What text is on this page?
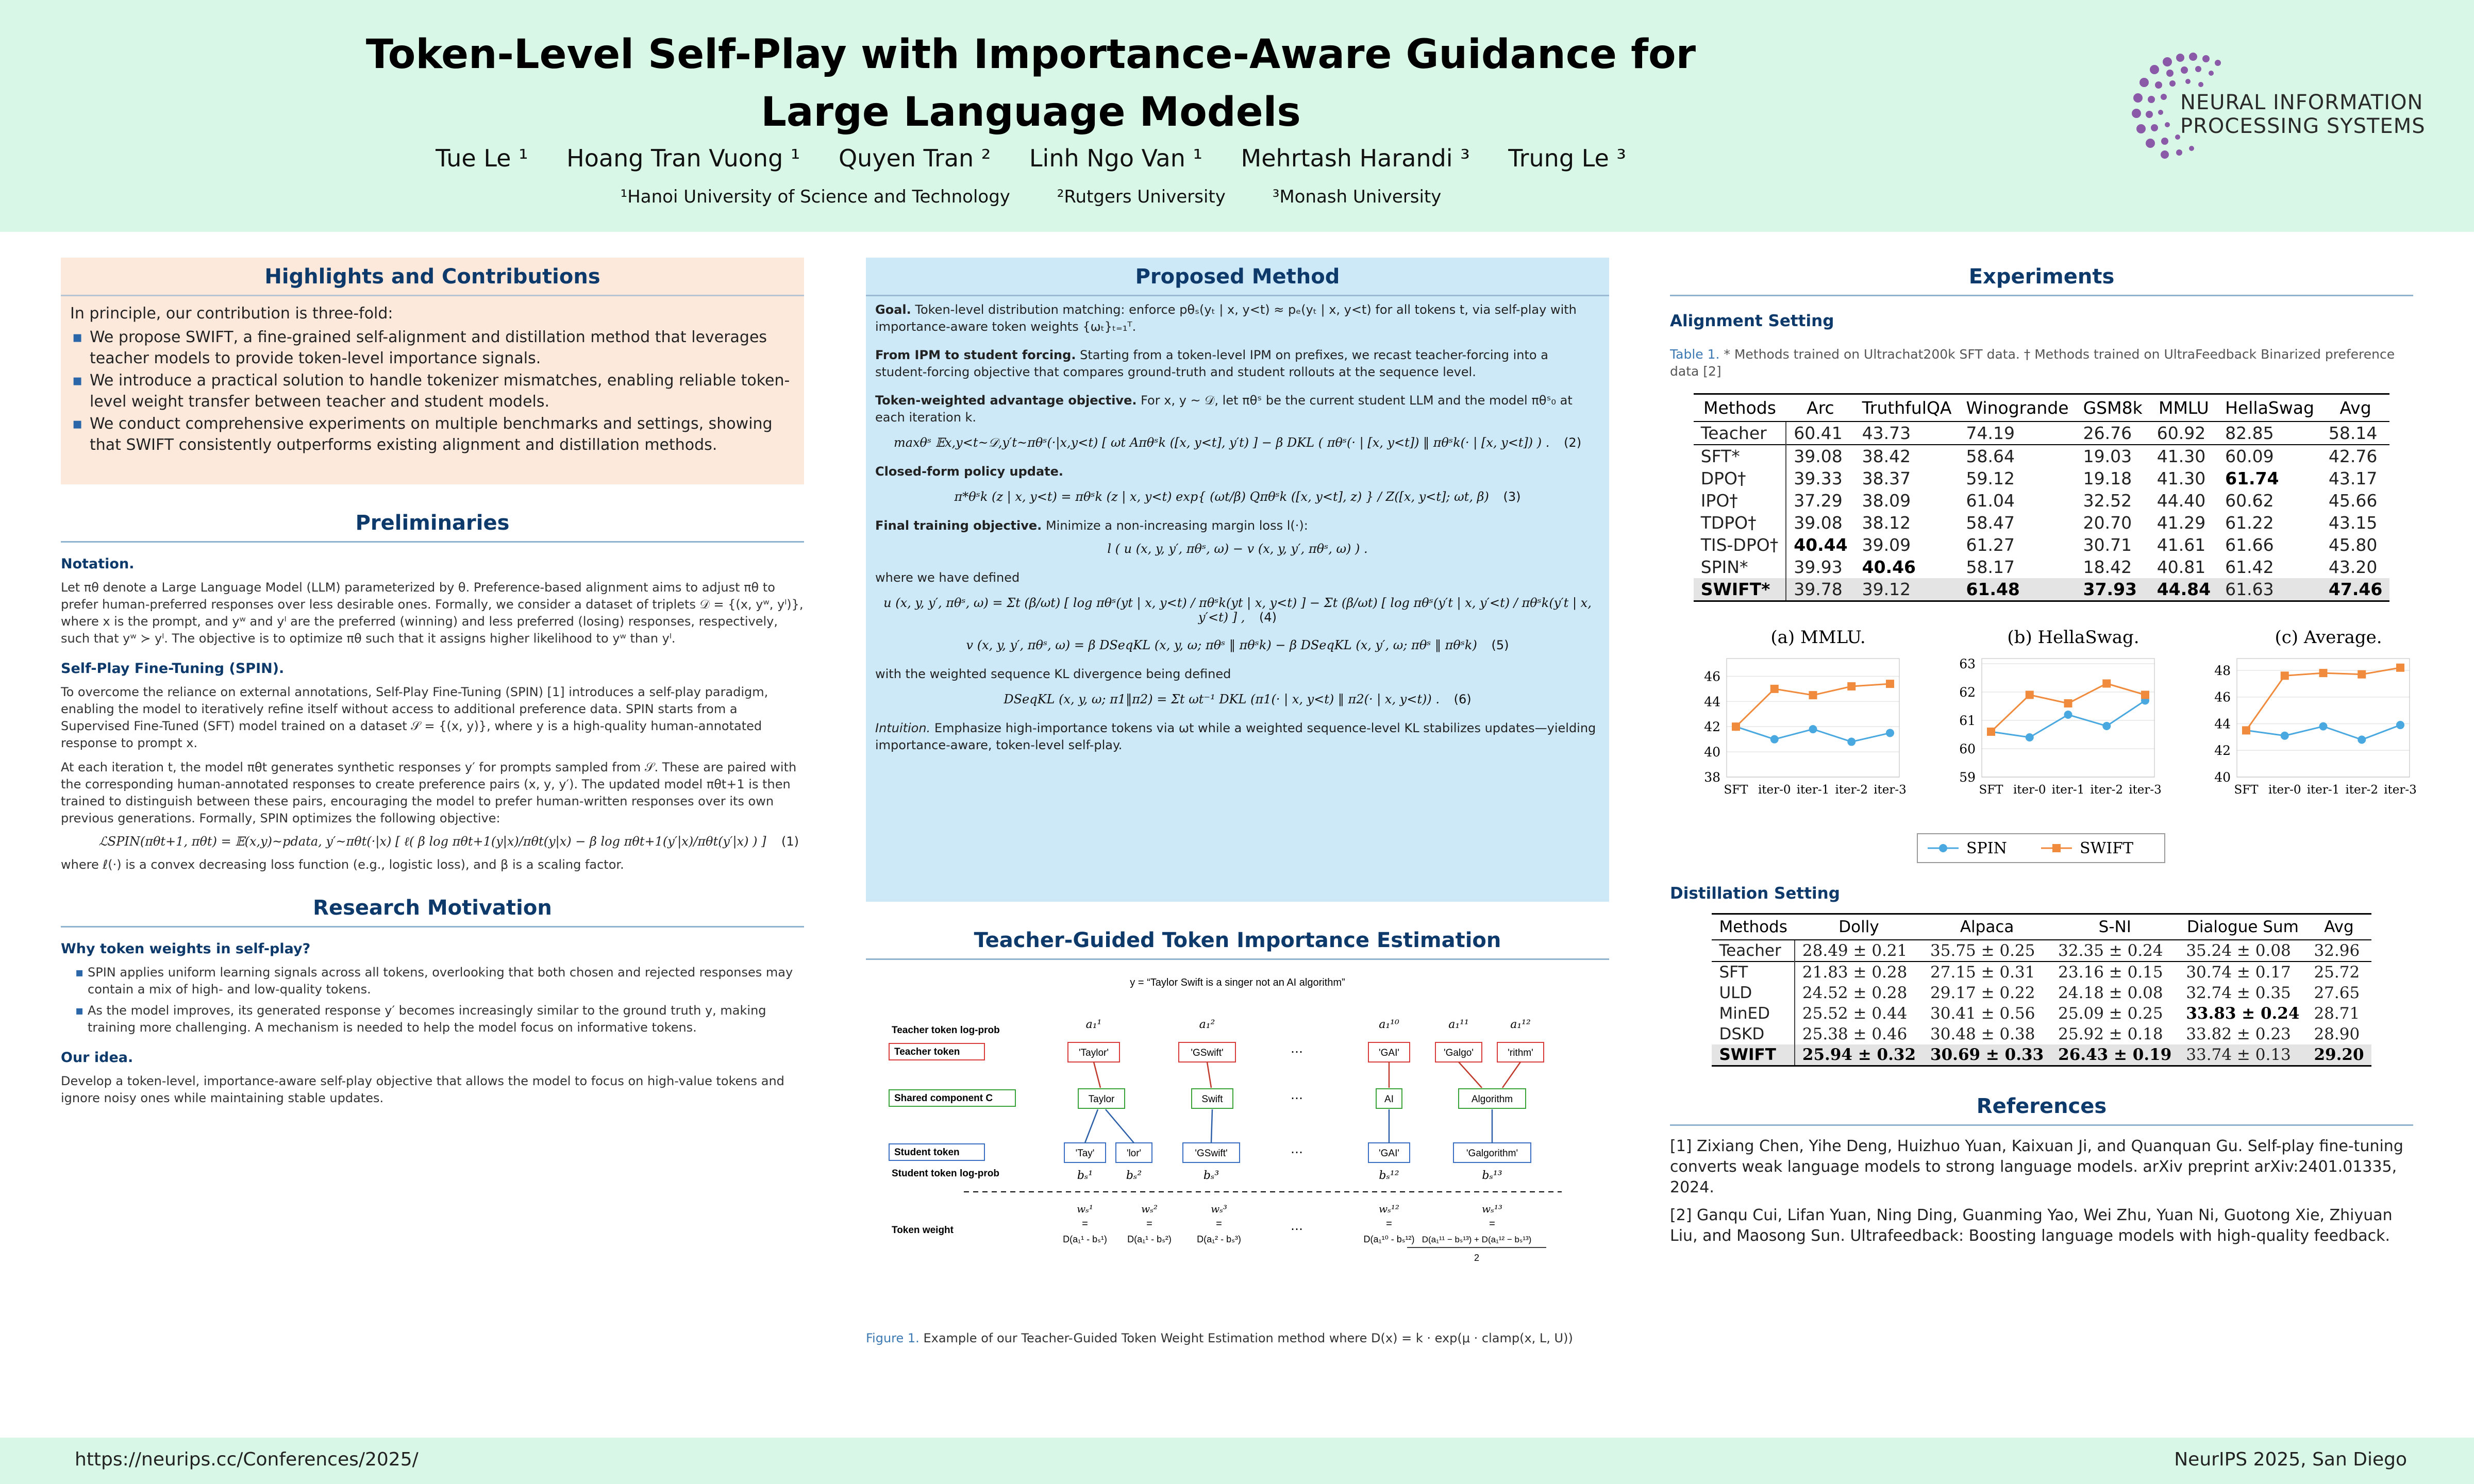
Token-Level Self-Play with Importance-Aware Guidance for
Large Language Models
Tue Le ¹ Hoang Tran Vuong ¹ Quyen Tran ² Linh Ngo Van ¹ Mehrtash Harandi ³ Trung Le ³
¹Hanoi University of Science and Technology	²Rutgers University	³Monash University
NEURAL INFORMATION
PROCESSING SYSTEMS
Highlights and Contributions
In principle, our contribution is three-fold:
▪ We propose SWIFT, a fine-grained self-alignment and distillation method that leverages teacher models to provide token-level importance signals.
▪ We introduce a practical solution to handle tokenizer mismatches, enabling reliable token-level weight transfer between teacher and student models.
▪ We conduct comprehensive experiments on multiple benchmarks and settings, showing that SWIFT consistently outperforms existing alignment and distillation methods.
Preliminaries
Notation.
Let πθ denote a Large Language Model (LLM) parameterized by θ. Preference-based alignment aims to adjust πθ to prefer human-preferred responses over less desirable ones. Formally, we consider a dataset of triplets 𝒟 = {(x, yʷ, yˡ)}, where x is the prompt, and yʷ and yˡ are the preferred (winning) and less preferred (losing) responses, respectively, such that yʷ ≻ yˡ. The objective is to optimize πθ such that it assigns higher likelihood to yʷ than yˡ.
Self-Play Fine-Tuning (SPIN).
To overcome the reliance on external annotations, Self-Play Fine-Tuning (SPIN) [1] introduces a self-play paradigm, enabling the model to iteratively refine itself without access to additional preference data. SPIN starts from a Supervised Fine-Tuned (SFT) model trained on a dataset 𝒮 = {(x, y)}, where y is a high-quality human-annotated response to prompt x.
At each iteration t, the model πθt generates synthetic responses y′ for prompts sampled from 𝒮. These are paired with the corresponding human-annotated responses to create preference pairs (x, y, y′). The updated model πθt+1 is then trained to distinguish between these pairs, encouraging the model to prefer human-written responses over its own previous generations. Formally, SPIN optimizes the following objective:
ℒSPIN(πθt+1, πθt) = 𝔼(x,y)~pdata, y′~πθt(·|x) [ ℓ( β log πθt+1(y|x)/πθt(y|x) − β log πθt+1(y′|x)/πθt(y′|x) ) ] (1)
where ℓ(·) is a convex decreasing loss function (e.g., logistic loss), and β is a scaling factor.
Research Motivation
Why token weights in self-play?
▪ SPIN applies uniform learning signals across all tokens, overlooking that both chosen and rejected responses may contain a mix of high- and low-quality tokens.
▪ As the model improves, its generated response y′ becomes increasingly similar to the ground truth y, making training more challenging. A mechanism is needed to help the model focus on informative tokens.
Our idea.
Develop a token-level, importance-aware self-play objective that allows the model to focus on high-value tokens and ignore noisy ones while maintaining stable updates.
Proposed Method
Goal. Token-level distribution matching: enforce pθₛ(yₜ | x, y<t) ≈ pₑ(yₜ | x, y<t) for all tokens t, via self-play with importance-aware token weights {ωₜ}ₜ₌₁ᵀ.
From IPM to student forcing. Starting from a token-level IPM on prefixes, we recast teacher-forcing into a student-forcing objective that compares ground-truth and student rollouts at the sequence level.
Token-weighted advantage objective. For x, y ~ 𝒟, let πθˢ be the current student LLM and the model πθˢ₀ at each iteration k.
maxθˢ 𝔼x,y<t~𝒟,y′t~πθˢ(·|x,y<t) [ ωt Aπθˢk ([x, y<t], y′t) ] − β DKL ( πθˢ(· | [x, y<t]) ‖ πθˢk(· | [x, y<t]) ) . (2)
Closed-form policy update.
π*θˢk (z | x, y<t) = πθˢk (z | x, y<t) exp{ (ωt/β) Qπθˢk ([x, y<t], z) } / Z([x, y<t]; ωt, β) (3)
Final training objective. Minimize a non-increasing margin loss l(·):
l ( u (x, y, y′, πθˢ, ω) − v (x, y, y′, πθˢ, ω) ) .
where we have defined
u (x, y, y′, πθˢ, ω) = Σt (β/ωt) [ log πθˢ(yt | x, y<t) / πθˢk(yt | x, y<t) ] − Σt (β/ωt) [ log πθˢ(y′t | x, y′<t) / πθˢk(y′t | x, y′<t) ] , (4)
v (x, y, y′, πθˢ, ω) = β DSeqKL (x, y, ω; πθˢ ‖ πθˢk) − β DSeqKL (x, y′, ω; πθˢ ‖ πθˢk) (5)
with the weighted sequence KL divergence being defined
DSeqKL (x, y, ω; π1‖π2) = Σt ωt⁻¹ DKL (π1(· | x, y<t) ‖ π2(· | x, y<t)) . (6)
Intuition. Emphasize high-importance tokens via ωt while a weighted sequence-level KL stabilizes updates—yielding importance-aware, token-level self-play.
Teacher-Guided Token Importance Estimation
y = “Taylor Swift is a singer not an AI algorithm”
Teacher token log-prob
Teacher token
Shared component C
Student token
Student token log-prob
Token weight
a₁¹	a₁²	a₁¹⁰	a₁¹¹	a₁¹²
'Taylor'	'GSwift'	'GAI'	'Galgo'	'rithm'
⋯
Taylor	Swift	AI	Algorithm
⋯
'Tay'	'lor'	'GSwift'	'GAI'	'Galgorithm'
⋯
bₛ¹	bₛ²	bₛ³	bₛ¹²	bₛ¹³
wₛ¹	wₛ²	wₛ³	wₛ¹²	wₛ¹³
=	=	=	=	=
D(a₁¹ - bₛ¹) D(a₁¹ - bₛ²)	D(a₁² - bₛ³)	D(a₁¹⁰ - bₛ¹²) D(a₁¹¹ − bₛ¹³) + D(a₁¹² − bₛ¹³)
2
⋯
Figure 1. Example of our Teacher-Guided Token Weight Estimation method where D(x) = k · exp(μ · clamp(x, L, U))
Experiments
Alignment Setting
Table 1. * Methods trained on Ultrachat200k SFT data. † Methods trained on UltraFeedback Binarized preference data [2]
Methods	Arc	TruthfulQA	Winogrande	GSM8k	MMLU	HellaSwag	Avg
Teacher	60.41	43.73	74.19	26.76	60.92	82.85	58.14
SFT*	39.08	38.42	58.64	19.03	41.30	60.09	42.76
DPO†	39.33	38.37	59.12	19.18	41.30	61.74	43.17
IPO†	37.29	38.09	61.04	32.52	44.40	60.62	45.66
TDPO†	39.08	38.12	58.47	20.70	41.29	61.22	43.15
TIS-DPO†	40.44	39.09	61.27	30.71	41.61	61.66	45.80
SPIN*	39.93	40.46	58.17	18.42	40.81	61.42	43.20
SWIFT*	39.78	39.12	61.48	37.93	44.84	61.63	47.46
(a) MMLU.
38
40
42
44
46
SFT iter-0 iter-1 iter-2 iter-3
(b) HellaSwag.
59
60
61
62
63
SFT iter-0 iter-1 iter-2 iter-3
(c) Average.
40
42
44
46
48
SFT iter-0 iter-1 iter-2 iter-3
SPIN	SWIFT
Distillation Setting
Methods	Dolly	Alpaca	S-NI	Dialogue Sum	Avg
Teacher	28.49 ± 0.21	35.75 ± 0.25	32.35 ± 0.24	35.24 ± 0.08	32.96
SFT	21.83 ± 0.28	27.15 ± 0.31	23.16 ± 0.15	30.74 ± 0.17	25.72
ULD	24.52 ± 0.28	29.17 ± 0.22	24.18 ± 0.08	32.74 ± 0.35	27.65
MinED	25.52 ± 0.44	30.41 ± 0.56	25.09 ± 0.25	33.83 ± 0.24	28.71
DSKD	25.38 ± 0.46	30.48 ± 0.38	25.92 ± 0.18	33.82 ± 0.23	28.90
SWIFT	25.94 ± 0.32	30.69 ± 0.33	26.43 ± 0.19	33.74 ± 0.13	29.20
References
[1] Zixiang Chen, Yihe Deng, Huizhuo Yuan, Kaixuan Ji, and Quanquan Gu. Self-play fine-tuning converts weak language models to strong language models. arXiv preprint arXiv:2401.01335, 2024.
[2] Ganqu Cui, Lifan Yuan, Ning Ding, Guanming Yao, Wei Zhu, Yuan Ni, Guotong Xie, Zhiyuan Liu, and Maosong Sun. Ultrafeedback: Boosting language models with high-quality feedback.
https://neurips.cc/Conferences/2025/	NeurIPS 2025, San Diego
